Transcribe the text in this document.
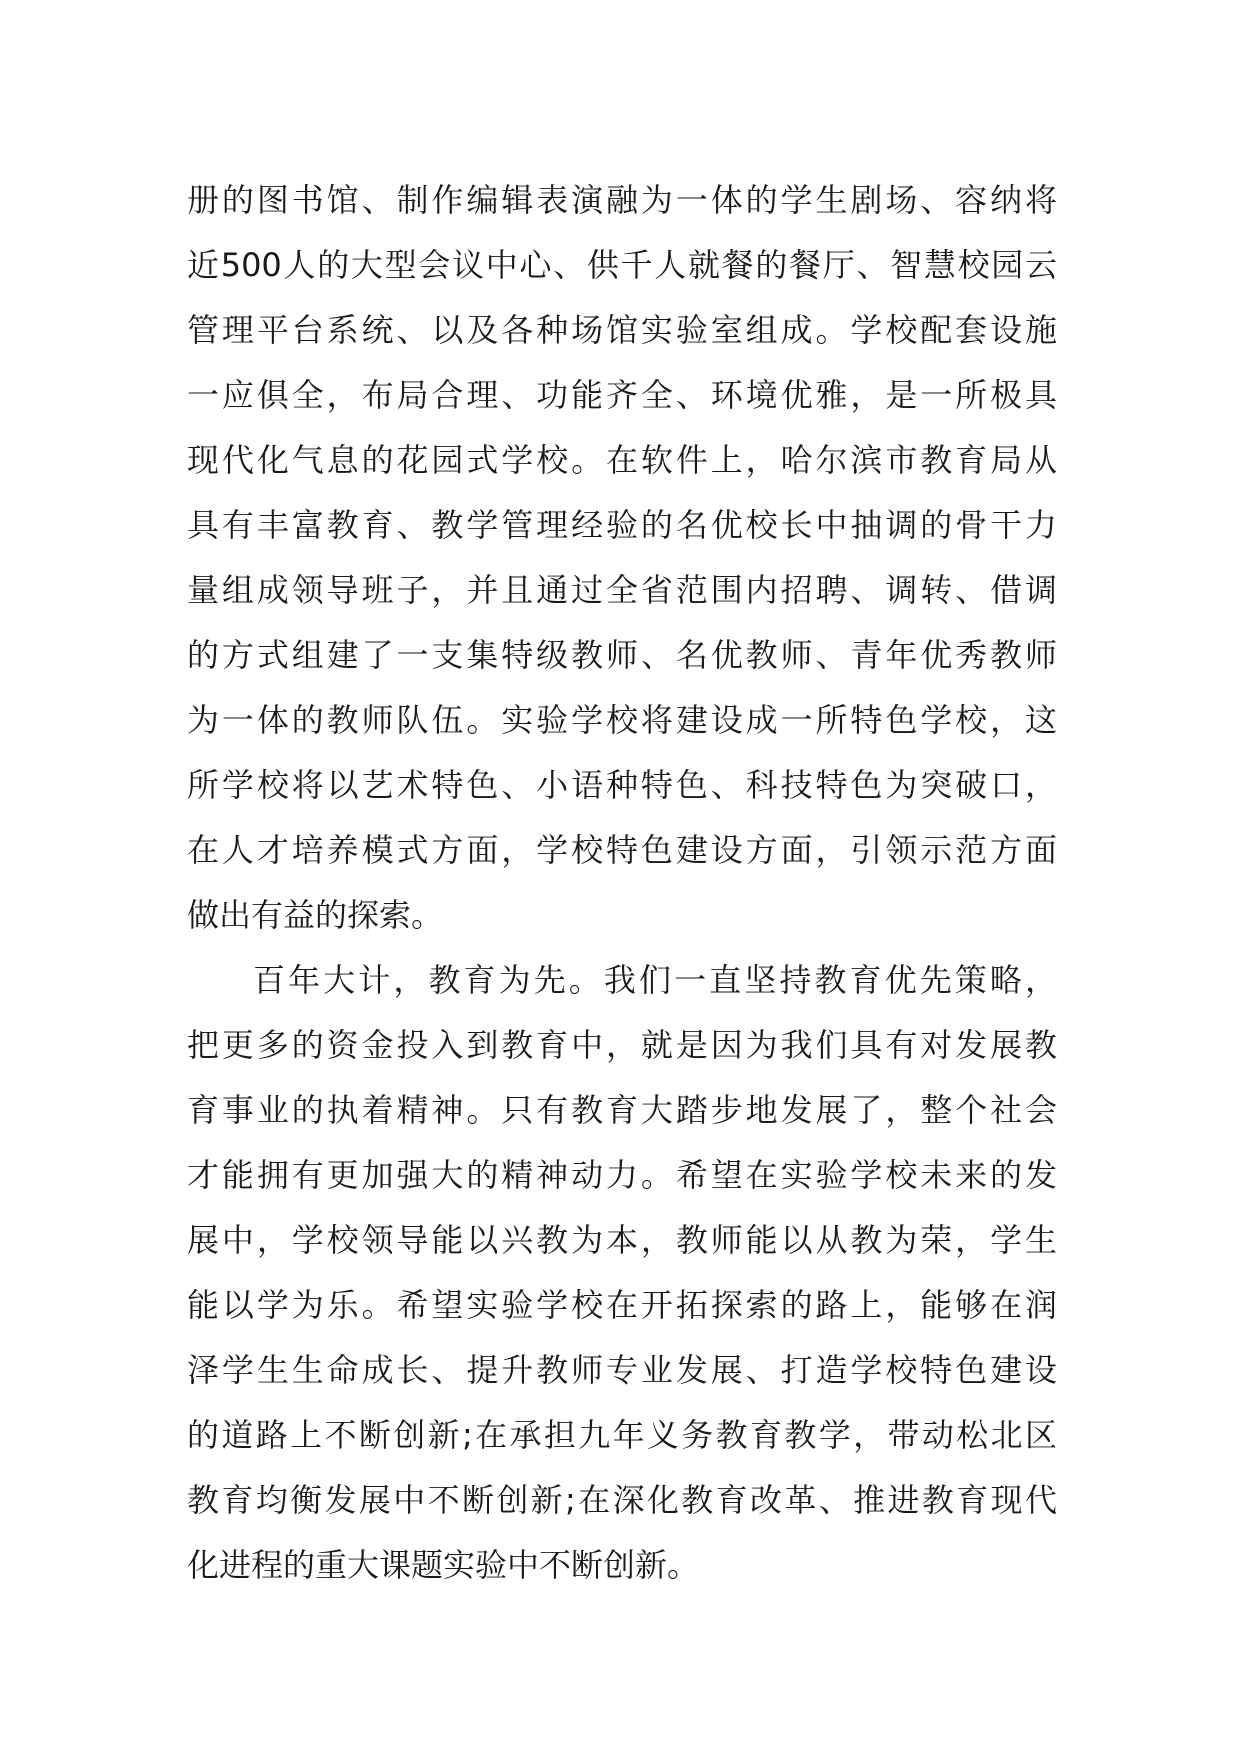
册的图书馆、制作编辑表演融为一体的学生剧场、容纳将
近500人的大型会议中心、供千人就餐的餐厅、智慧校园云
管理平台系统、以及各种场馆实验室组成。学校配套设施
一应俱全，布局合理、功能齐全、环境优雅，是一所极具
现代化气息的花园式学校。在软件上，哈尔滨市教育局从
具有丰富教育、教学管理经验的名优校长中抽调的骨干力
量组成领导班子，并且通过全省范围内招聘、调转、借调
的方式组建了一支集特级教师、名优教师、青年优秀教师
为一体的教师队伍。实验学校将建设成一所特色学校，这
所学校将以艺术特色、小语种特色、科技特色为突破口，
在人才培养模式方面，学校特色建设方面，引领示范方面
做出有益的探索。
百年大计，教育为先。我们一直坚持教育优先策略，
把更多的资金投入到教育中，就是因为我们具有对发展教
育事业的执着精神。只有教育大踏步地发展了，整个社会
才能拥有更加强大的精神动力。希望在实验学校未来的发
展中，学校领导能以兴教为本，教师能以从教为荣，学生
能以学为乐。希望实验学校在开拓探索的路上，能够在润
泽学生生命成长、提升教师专业发展、打造学校特色建设
的道路上不断创新;在承担九年义务教育教学，带动松北区
教育均衡发展中不断创新;在深化教育改革、推进教育现代
化进程的重大课题实验中不断创新。
